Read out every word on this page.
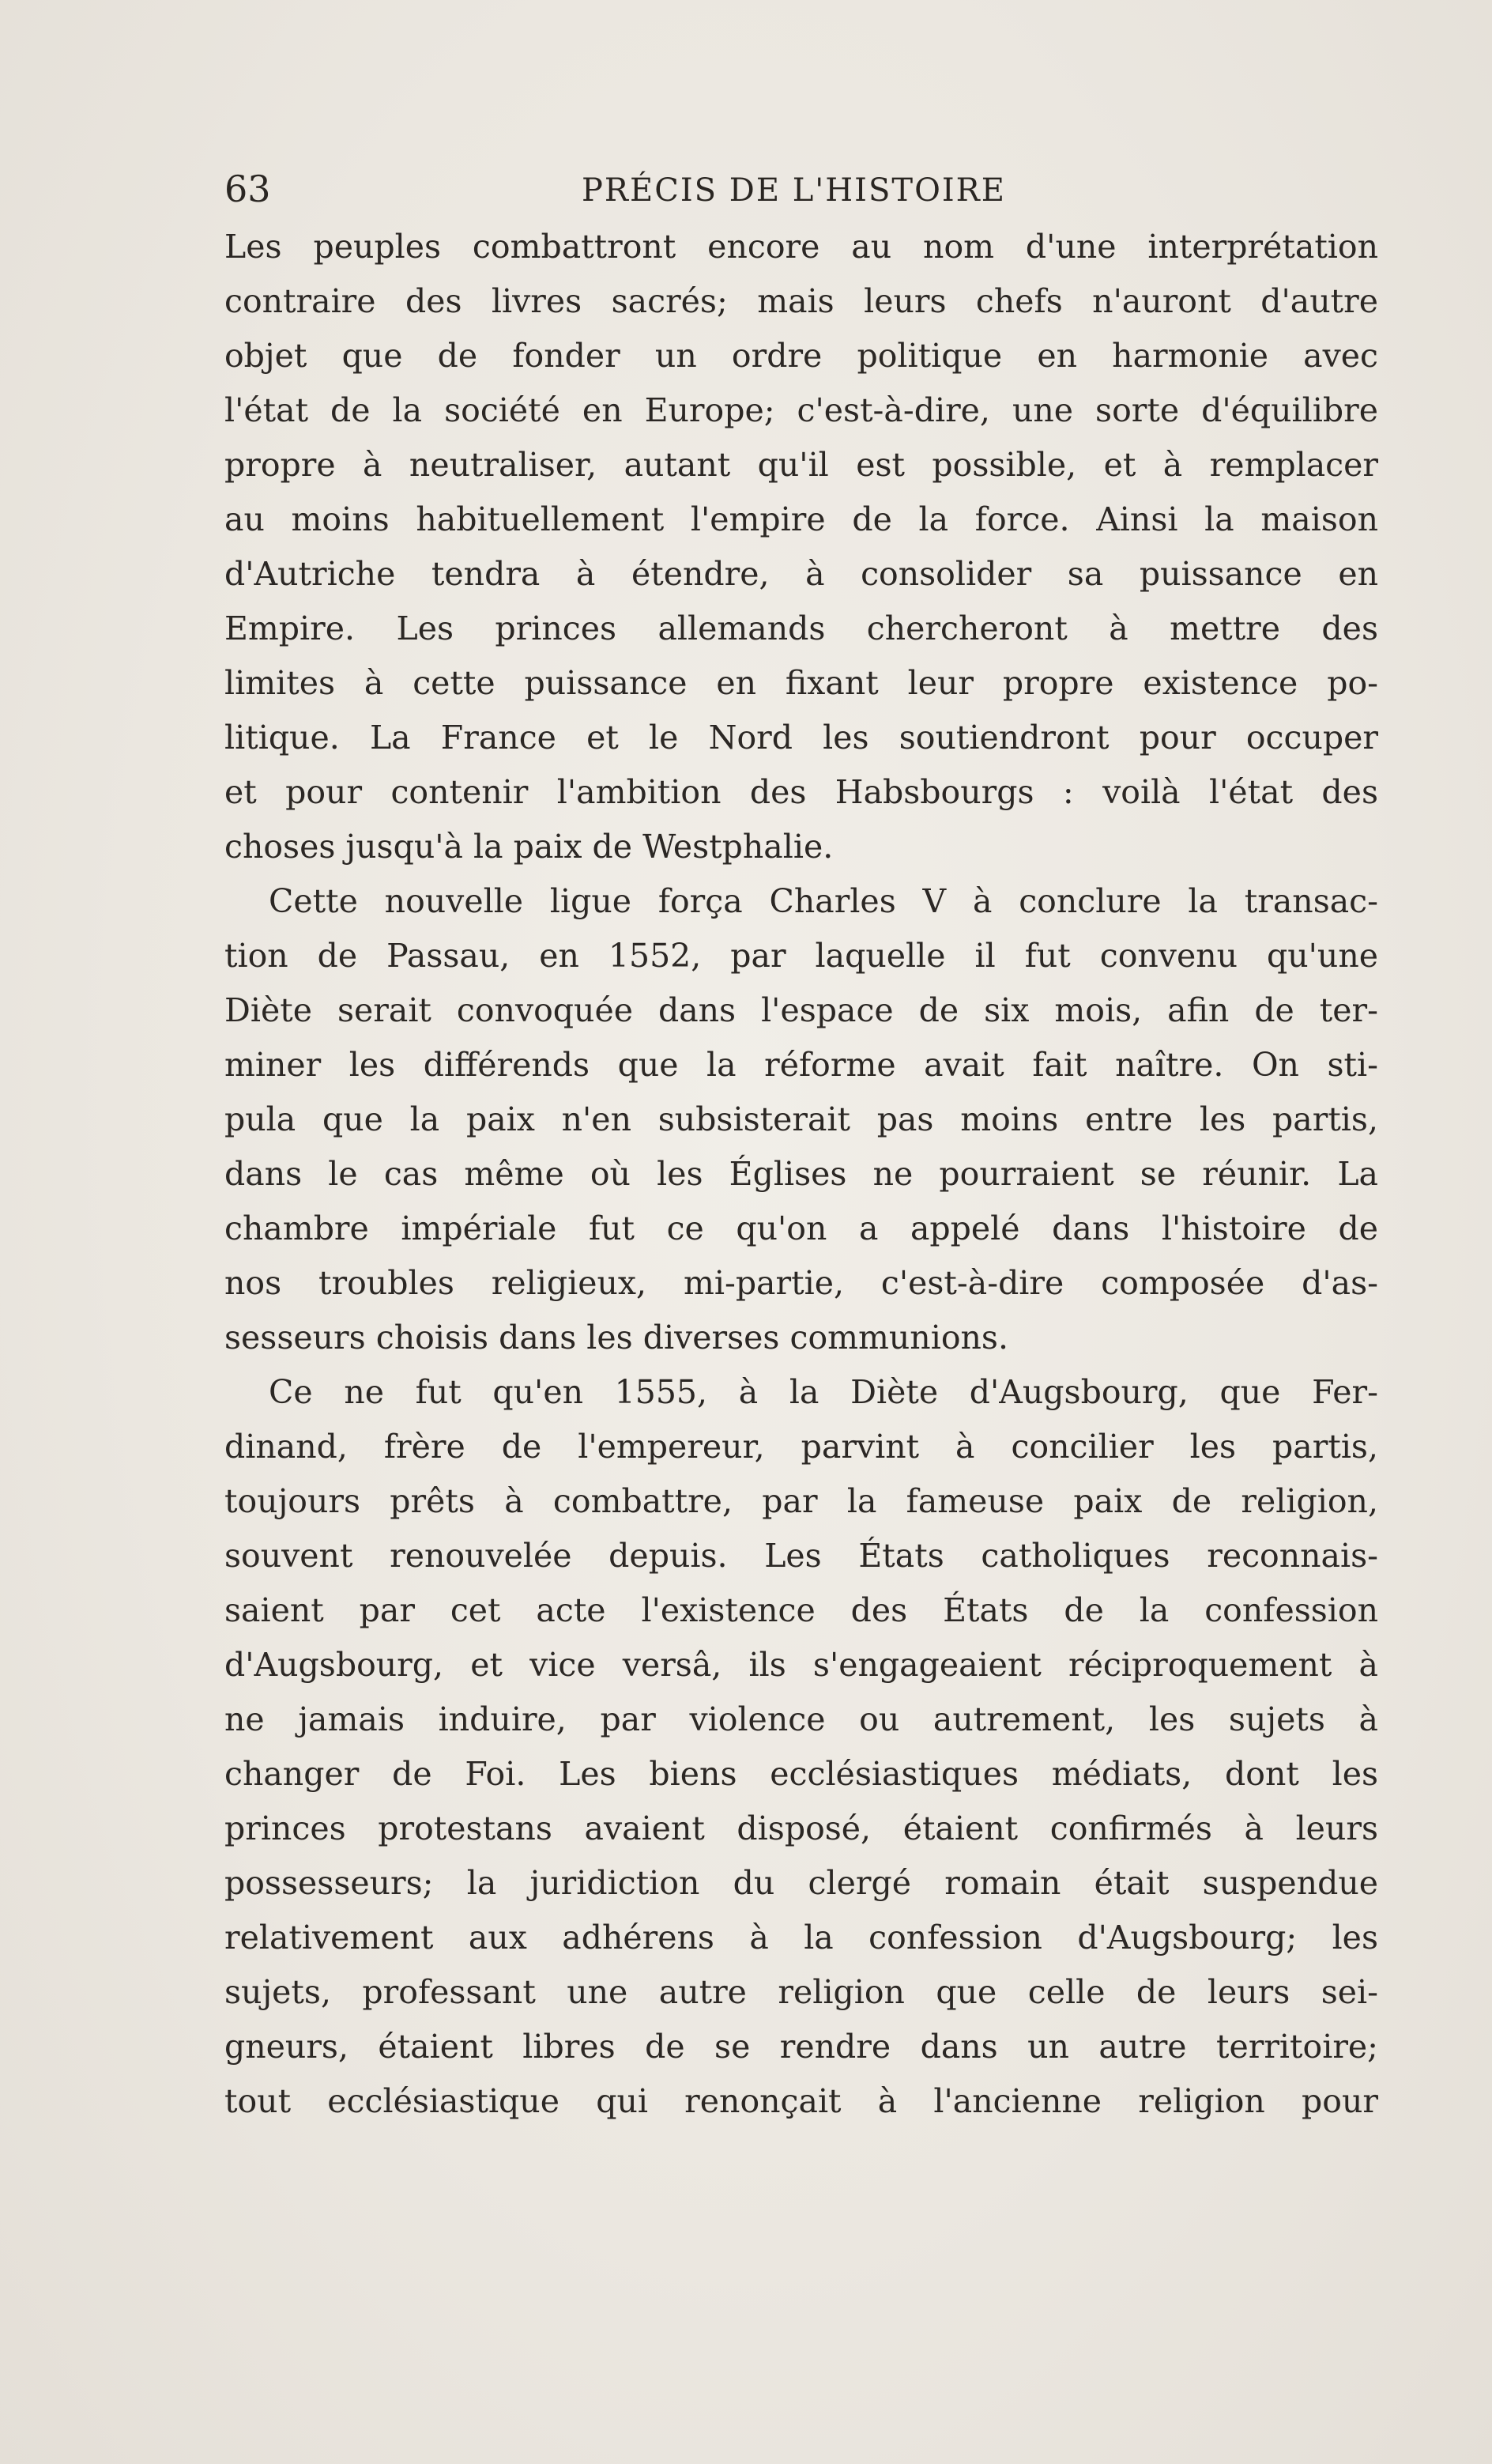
63	PRÉCIS DE L'HISTOIRE
Les peuples combattront encore au nom d'une interprétation
contraire des livres sacrés; mais leurs chefs n'auront d'autre
objet que de fonder un ordre politique en harmonie avec
l'état de la société en Europe; c'est-à-dire, une sorte d'équilibre
propre à neutraliser, autant qu'il est possible, et à remplacer
au moins habituellement l'empire de la force. Ainsi la maison
d'Autriche tendra à étendre, à consolider sa puissance en
Empire. Les princes allemands chercheront à mettre des
limites à cette puissance en fixant leur propre existence po-
litique. La France et le Nord les soutiendront pour occuper
et pour contenir l'ambition des Habsbourgs : voilà l'état des
choses jusqu'à la paix de Westphalie.
Cette nouvelle ligue força Charles V à conclure la transac-
tion de Passau, en 1552, par laquelle il fut convenu qu'une
Diète serait convoquée dans l'espace de six mois, afin de ter-
miner les différends que la réforme avait fait naître. On sti-
pula que la paix n'en subsisterait pas moins entre les partis,
dans le cas même où les Églises ne pourraient se réunir. La
chambre impériale fut ce qu'on a appelé dans l'histoire de
nos troubles religieux, mi-partie, c'est-à-dire composée d'as-
sesseurs choisis dans les diverses communions.
Ce ne fut qu'en 1555, à la Diète d'Augsbourg, que Fer-
dinand, frère de l'empereur, parvint à concilier les partis,
toujours prêts à combattre, par la fameuse paix de religion,
souvent renouvelée depuis. Les États catholiques reconnais-
saient par cet acte l'existence des États de la confession
d'Augsbourg, et vice versâ, ils s'engageaient réciproquement à
ne jamais induire, par violence ou autrement, les sujets à
changer de Foi. Les biens ecclésiastiques médiats, dont les
princes protestans avaient disposé, étaient confirmés à leurs
possesseurs; la juridiction du clergé romain était suspendue
relativement aux adhérens à la confession d'Augsbourg; les
sujets, professant une autre religion que celle de leurs sei-
gneurs, étaient libres de se rendre dans un autre territoire;
tout ecclésiastique qui renonçait à l'ancienne religion pour
